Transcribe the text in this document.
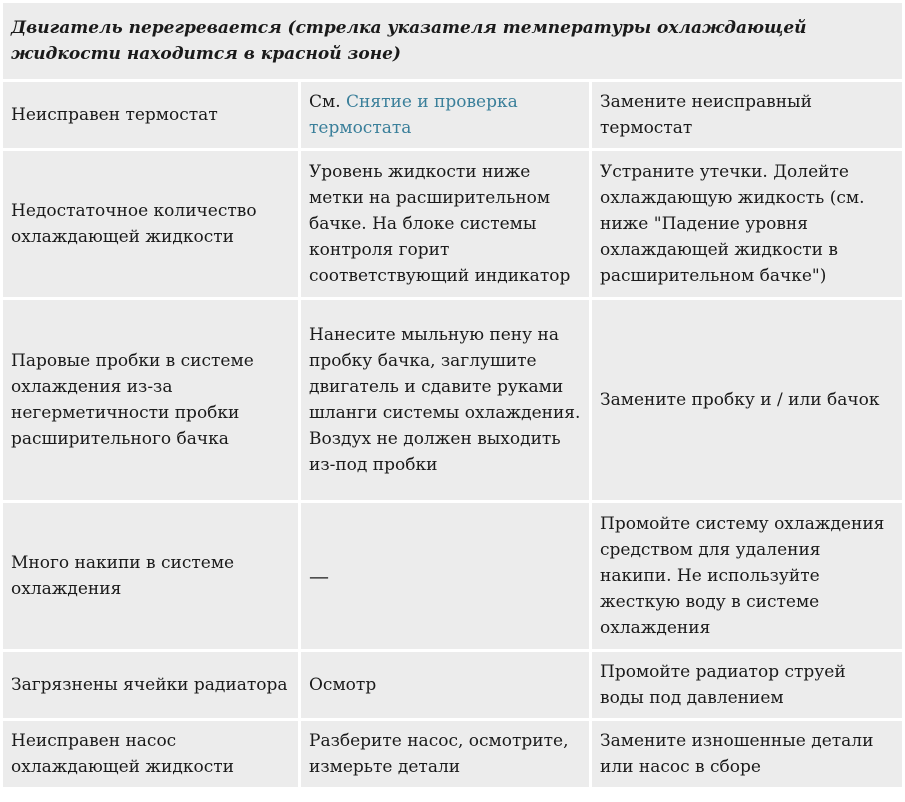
Двигатель перегревается (стрелка указателя температуры охлаждающей жидкости находится в красной зоне)		
Неисправен термостат	См. Снятие и проверка термостата	Замените неисправный термостат
Недостаточное количество охлаждающей жидкости	Уровень жидкости ниже метки на расширительном бачке. На блоке системы контроля горит соответствующий индикатор	Устраните утечки. Долейте охлаждающую жидкость (см. ниже "Падение уровня охлаждающей жидкости в расширительном бачке")
Паровые пробки в системе охлаждения из-за негерметичности пробки расширительного бачка	Нанесите мыльную пену на пробку бачка, заглушите двигатель и сдавите руками шланги системы охлаждения. Воздух не должен выходить из-под пробки	Замените пробку и / или бачок
Много накипи в системе охлаждения	—	Промойте систему охлаждения средством для удаления накипи. Не используйте жесткую воду в системе охлаждения
Загрязнены ячейки радиатора	Осмотр	Промойте радиатор струей воды под давлением
Неисправен насос охлаждающей жидкости	Разберите насос, осмотрите, измерьте детали	Замените изношенные детали или насос в сборе
